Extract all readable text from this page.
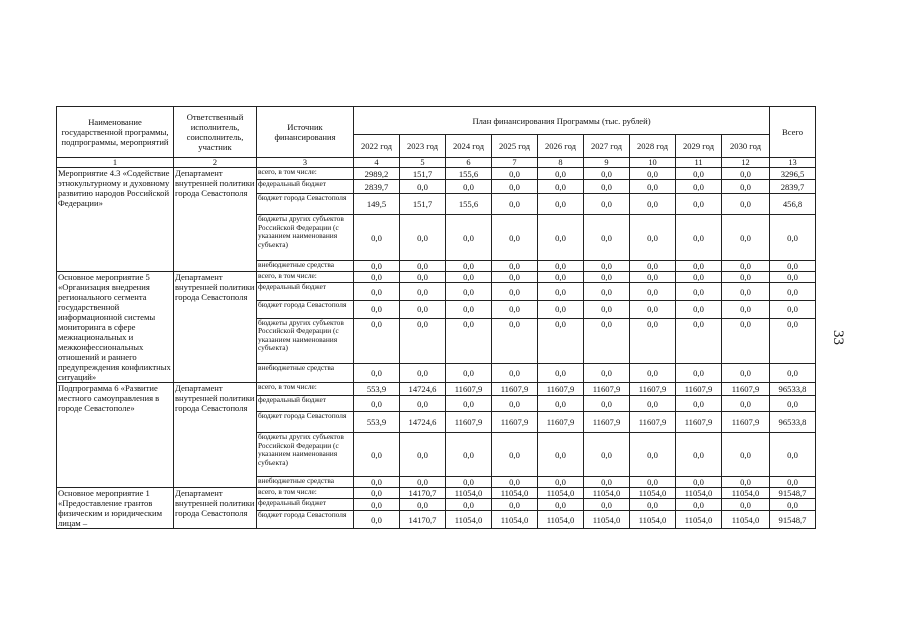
33
Наименование государственной программы, подпрограммы, мероприятий	Ответственный исполнитель, соисполнитель, участник	Источник финансирования	План финансирования Программы (тыс. рублей)									Всего
			2022 год	2023 год	2024 год	2025 год	2026 год	2027 год	2028 год	2029 год	2030 год	
1	2	3	4	5	6	7	8	9	10	11	12	13
Мероприятие 4.3 «Содействие этнокультурному и духовному развитию народов Российской Федерации»	Департамент внутренней политики города Севастополя	всего, в том числе:	2989,2	151,7	155,6	0,0	0,0	0,0	0,0	0,0	0,0	3296,5
		федеральный бюджет	2839,7	0,0	0,0	0,0	0,0	0,0	0,0	0,0	0,0	2839,7
		бюджет города Севастополя	149,5	151,7	155,6	0,0	0,0	0,0	0,0	0,0	0,0	456,8
		бюджеты других субъектов Российской Федерации (с указанием наименования субъекта)	0,0	0,0	0,0	0,0	0,0	0,0	0,0	0,0	0,0	0,0
		внебюджетные средства	0,0	0,0	0,0	0,0	0,0	0,0	0,0	0,0	0,0	0,0
Основное мероприятие 5 «Организация внедрения регионального сегмента государственной информационной системы мониторинга в сфере межнациональных и межконфессиональных отношений и раннего предупреждения конфликтных ситуаций»	Департамент внутренней политики города Севастополя	всего, в том числе:	0,0	0,0	0,0	0,0	0,0	0,0	0,0	0,0	0,0	0,0
		федеральный бюджет	0,0	0,0	0,0	0,0	0,0	0,0	0,0	0,0	0,0	0,0
		бюджет города Севастополя	0,0	0,0	0,0	0,0	0,0	0,0	0,0	0,0	0,0	0,0
		бюджеты других субъектов Российской Федерации (с указанием наименования субъекта)	0,0	0,0	0,0	0,0	0,0	0,0	0,0	0,0	0,0	0,0
		внебюджетные средства	0,0	0,0	0,0	0,0	0,0	0,0	0,0	0,0	0,0	0,0
Подпрограмма 6 «Развитие местного самоуправления в городе Севастополе»	Департамент внутренней политики города Севастополя	всего, в том числе:	553,9	14724,6	11607,9	11607,9	11607,9	11607,9	11607,9	11607,9	11607,9	96533,8
		федеральный бюджет	0,0	0,0	0,0	0,0	0,0	0,0	0,0	0,0	0,0	0,0
		бюджет города Севастополя	553,9	14724,6	11607,9	11607,9	11607,9	11607,9	11607,9	11607,9	11607,9	96533,8
		бюджеты других субъектов Российской Федерации (с указанием наименования субъекта)	0,0	0,0	0,0	0,0	0,0	0,0	0,0	0,0	0,0	0,0
		внебюджетные средства	0,0	0,0	0,0	0,0	0,0	0,0	0,0	0,0	0,0	0,0
Основное мероприятие 1 «Предоставление грантов физическим и юридическим лицам –	Департамент внутренней политики города Севастополя	всего, в том числе:	0,0	14170,7	11054,0	11054,0	11054,0	11054,0	11054,0	11054,0	11054,0	91548,7
		федеральный бюджет	0,0	0,0	0,0	0,0	0,0	0,0	0,0	0,0	0,0	0,0
		бюджет города Севастополя	0,0	14170,7	11054,0	11054,0	11054,0	11054,0	11054,0	11054,0	11054,0	91548,7
